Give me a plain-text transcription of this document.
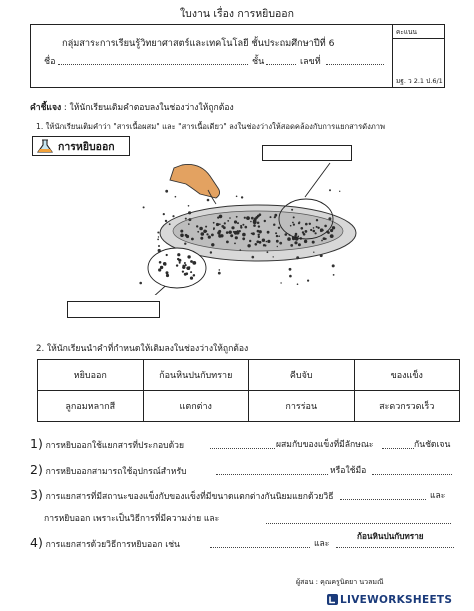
ใบงาน เรื่อง การหยิบออก
กลุ่มสาระการเรียนรู้วิทยาศาสตร์และเทคโนโลยี ชั้นประถมศึกษาปีที่ 6
ชื่อ	ชั้น	เลขที่
คะแนน
มฐ. ว 2.1 ป.6/1
คำชี้แจง : ให้นักเรียนเติมคำตอบลงในช่องว่างให้ถูกต้อง
1. ให้นักเรียนเติมคำว่า "สารเนื้อผสม" และ "สารเนื้อเดียว" ลงในช่องว่างให้สอดคล้องกับการแยกสารดังภาพ
การหยิบออก
2. ให้นักเรียนนำคำที่กำหนดให้เติมลงในช่องว่างให้ถูกต้อง
หยิบออก	ก้อนหินปนกับทราย	คีบจับ	ของแข็ง
ลูกอมหลากสี	แตกต่าง	การร่อน	สะดวกรวดเร็ว
1) การหยิบออกใช้แยกสารที่ประกอบด้วย	ผสมกับของแข็งที่มีลักษณะ	กันชัดเจน
2) การหยิบออกสามารถใช้อุปกรณ์สำหรับ	หรือใช้มือ
3) การแยกสารที่มีสถานะของแข็งกับของแข็งที่มีขนาดแตกต่างกันนิยมแยกด้วยวิธี	และ
การหยิบออก เพราะเป็นวิธีการที่มีความง่าย และ
4) การแยกสารด้วยวิธีการหยิบออก เช่น	และ
ก้อนหินปนกับทราย
ผู้สอน : คุณครูนิตยา นวลมณี
LIVEWORKSHEETS
